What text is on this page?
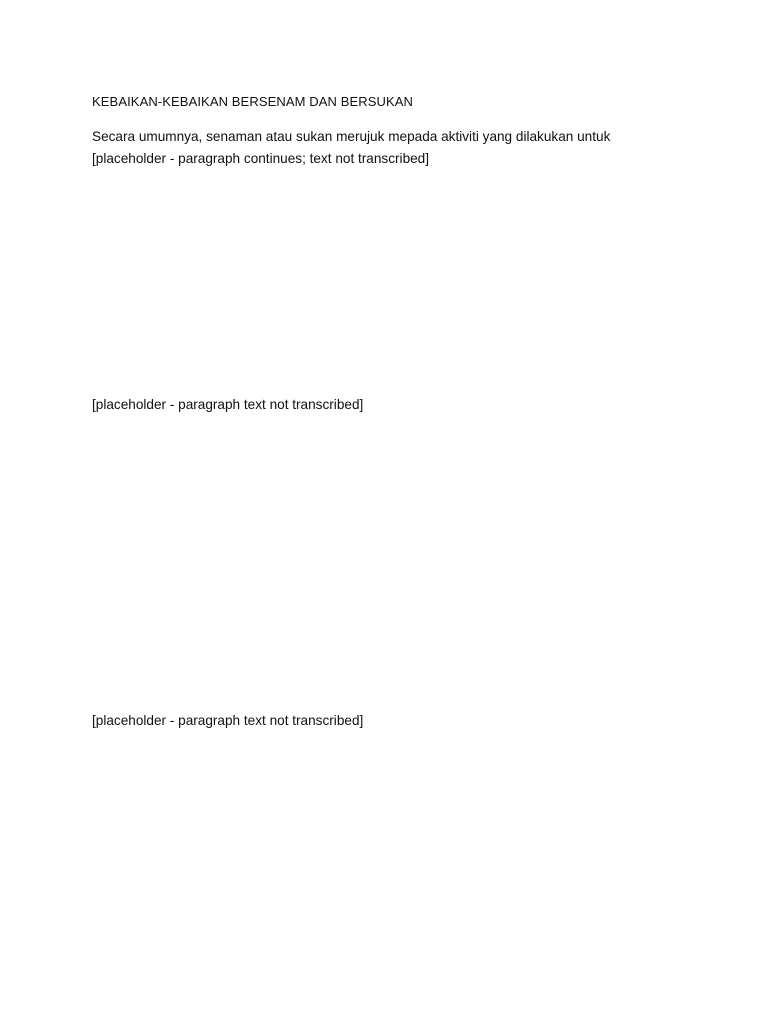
KEBAIKAN-KEBAIKAN BERSENAM DAN BERSUKAN
Secara umumnya, senaman atau sukan merujuk mepada aktiviti yang dilakukan untuk
[placeholder - paragraph continues; text not transcribed]
[placeholder - paragraph text not transcribed]
[placeholder - paragraph text not transcribed]
